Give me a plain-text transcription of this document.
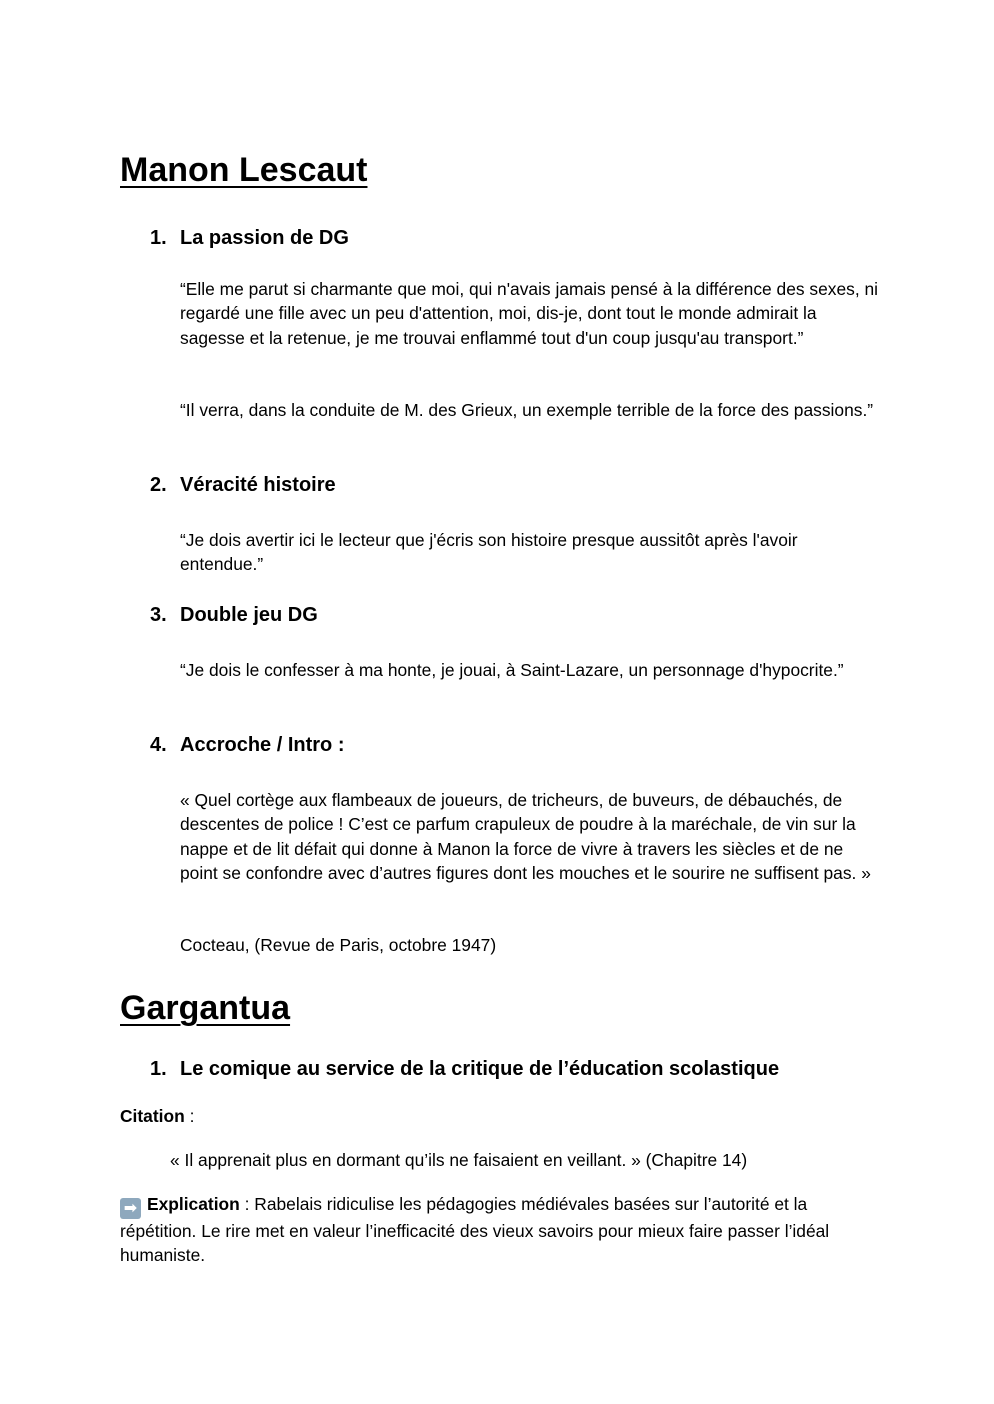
Manon Lescaut
1. La passion de DG

“Elle me parut si charmante que moi, qui n'avais jamais pensé à la différence des sexes, ni regardé une fille avec un peu d'attention, moi, dis-je, dont tout le monde admirait la sagesse et la retenue, je me trouvai enflammé tout d'un coup jusqu'au transport.”

“Il verra, dans la conduite de M. des Grieux, un exemple terrible de la force des passions.”

2. Véracité histoire

“Je dois avertir ici le lecteur que j'écris son histoire presque aussitôt après l'avoir entendue.”

3. Double jeu DG

“Je dois le confesser à ma honte, je jouai, à Saint-Lazare, un personnage d'hypocrite.”

4. Accroche / Intro :

« Quel cortège aux flambeaux de joueurs, de tricheurs, de buveurs, de débauchés, de descentes de police ! C’est ce parfum crapuleux de poudre à la maréchale, de vin sur la nappe et de lit défait qui donne à Manon la force de vivre à travers les siècles et de ne point se confondre avec d’autres figures dont les mouches et le sourire ne suffisent pas. »

Cocteau, (Revue de Paris, octobre 1947)

Gargantua
1. Le comique au service de la critique de l’éducation scolastique

Citation :

« Il apprenait plus en dormant qu’ils ne faisaient en veillant. » (Chapitre 14)

➡ Explication : Rabelais ridiculise les pédagogies médiévales basées sur l’autorité et la répétition. Le rire met en valeur l’inefficacité des vieux savoirs pour mieux faire passer l’idéal humaniste.
